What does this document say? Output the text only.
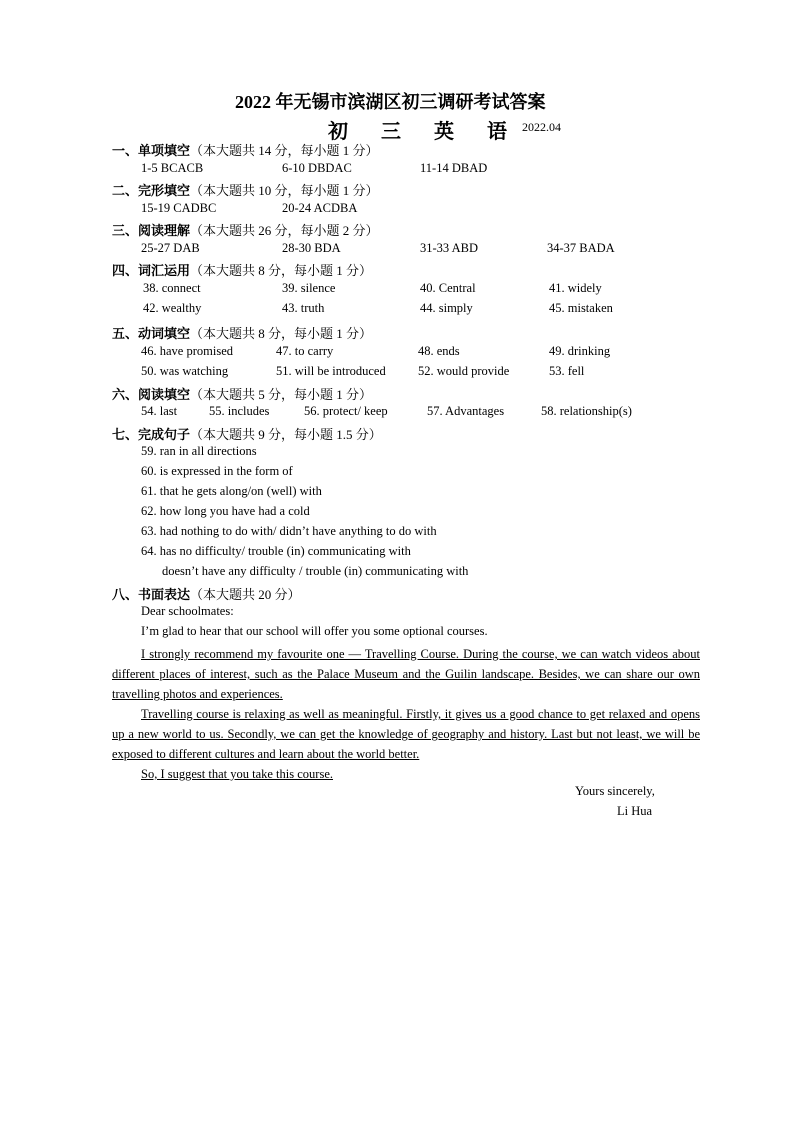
2022 年无锡市滨湖区初三调研考试答案
初 三 英 语 2022.04
一、单项填空（本大题共 14 分，每小题 1 分）
1-5 BCACB	6-10 DBDAC	11-14 DBAD
二、完形填空（本大题共 10 分，每小题 1 分）
15-19 CADBC	20-24 ACDBA
三、阅读理解（本大题共 26 分，每小题 2 分）
25-27 DAB	28-30 BDA	31-33 ABD	34-37 BADA
四、词汇运用（本大题共 8 分，每小题 1 分）
38. connect	39. silence	40. Central	41. widely
42. wealthy	43. truth	44. simply	45. mistaken
五、动词填空（本大题共 8 分，每小题 1 分）
46. have promised	47. to carry	48. ends	49. drinking
50. was watching	51. will be introduced	52. would provide	53. fell
六、阅读填空（本大题共 5 分，每小题 1 分）
54. last	55. includes	56. protect/ keep	57. Advantages	58. relationship(s)
七、完成句子（本大题共 9 分，每小题 1.5 分）
59. ran in all directions
60. is expressed in the form of
61. that he gets along/on (well) with
62. how long you have had a cold
63. had nothing to do with/ didn’t have anything to do with
64. has no difficulty/ trouble (in) communicating with
doesn’t have any difficulty / trouble (in) communicating with
八、书面表达（本大题共 20 分）
Dear schoolmates:
I’m glad to hear that our school will offer you some optional courses.
I strongly recommend my favourite one — Travelling Course. During the course, we can watch videos about different places of interest, such as the Palace Museum and the Guilin landscape. Besides, we can share our own travelling photos and experiences.
Travelling course is relaxing as well as meaningful. Firstly, it gives us a good chance to get relaxed and opens up a new world to us. Secondly, we can get the knowledge of geography and history. Last but not least, we will be exposed to different cultures and learn about the world better.
So, I suggest that you take this course.
Yours sincerely,
Li Hua
